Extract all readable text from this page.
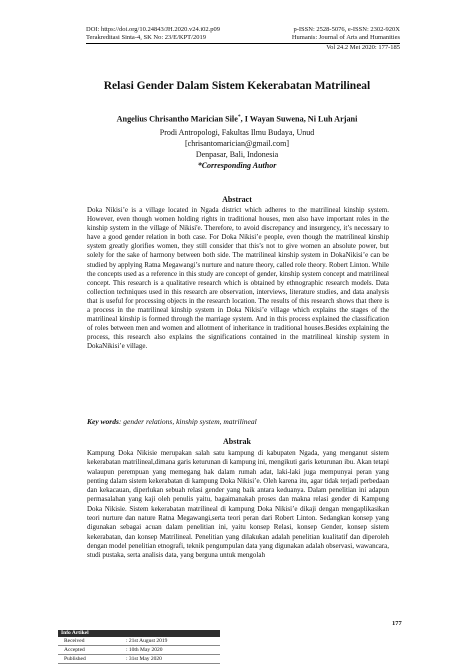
DOI: https://doi.org/10.24843/JH.2020.v24.i02.p09	p-ISSN: 2528-5076, e-ISSN: 2302-920X
Terakreditasi Sinta-4, SK No: 23/E/KPT/2019	Humanis: Journal of Arts and Humanities
Vol 24.2 Mei 2020: 177-185
Relasi Gender Dalam Sistem Kekerabatan Matrilineal
Angelius Chrisantho Marician Sile*, I Wayan Suwena, Ni Luh Arjani
Prodi Antropologi, Fakultas Ilmu Budaya, Unud
[chrisantomarician@gmail.com]
Denpasar, Bali, Indonesia
*Corresponding Author
Abstract
Doka Nikisi’e is a village located in Ngada district which adheres to the matrilineal kinship system. However, even though women holding rights in traditional houses, men also have important roles in the kinship system in the village of Nikisi'e. Therefore, to avoid discrepancy and insurgency, it’s necessary to have a good gender relation in both case. For Doka Nikisi’e people, even though the matrilineal kinship system greatly glorifies women, they still consider that this’s not to give women an absolute power, but solely for the sake of harmony between both side. The matrilineal kinship system in DokaNikisi’e can be studied by applying Ratna Megawangi’s nurture and nature theory, called role theory. Robert Linton. While the concepts used as a reference in this study are concept of gender, kinship system concept and matrilineal concept. This research is a qualitative research which is obtained by ethnographic research models. Data collection techniques used in this research are observation, interviews, literature studies, and data analysis that is useful for processing objects in the research location. The results of this research shows that there is a process in the matrilineal kinship system in Doka Nikisi’e village which explains the stages of the matrilineal kinship is formed through the marriage system. And in this process explained the classification of roles between men and women and allotment of inheritance in traditional houses.Besides explaining the process, this research also explains the significations contained in the matrilineal kinship system in DokaNikisi’e village.
Key words: gender relations, kinship system, matrilineal
Abstrak
Kampung Doka Nikisie merupakan salah satu kampung di kabupaten Ngada, yang menganut sistem kekerabatan matrilineal,dimana garis keturunan di kampung ini, mengikuti garis keturunan ibu. Akan tetapi walaupun perempuan yang memegang hak dalam rumah adat, laki-laki juga mempunyai peran yang penting dalam sistem kekerabatan di kampung Doka Nikisi’e. Oleh karena itu, agar tidak terjadi perbedaan dan kekacauan, diperlukan sebuah relasi gender yang baik antara keduanya. Dalam penelitian ini adapun permasalahan yang kaji oleh penulis yaitu, bagaimanakah proses dan makna relasi gender di Kampung Doka Nikisie. Sistem kekerabatan matrilineal di kampung Doka Nikisi’e dikaji dengan mengaplikasikan teori nurture dan nature Ratna Megawangi,serta teori peran dari Robert Linton. Sedangkan konsep yang digunakan sebagai acuan dalam penelitian ini, yaitu konsep Relasi, konsep Gender, konsep sistem kekerabatan, dan konsep Matrilineal. Penelitian yang dilakukan adalah penelitian kualitatif dan diperoleh dengan model penelitian etnografi, teknik pengumpulan data yang digunakan adalah observasi, wawancara, studi pustaka, serta analisis data, yang berguna untuk mengolah
177
Info Artikel
Received	: 21st August 2019
Accepted	: 10th May 2020
Published	: 31st May 2020
